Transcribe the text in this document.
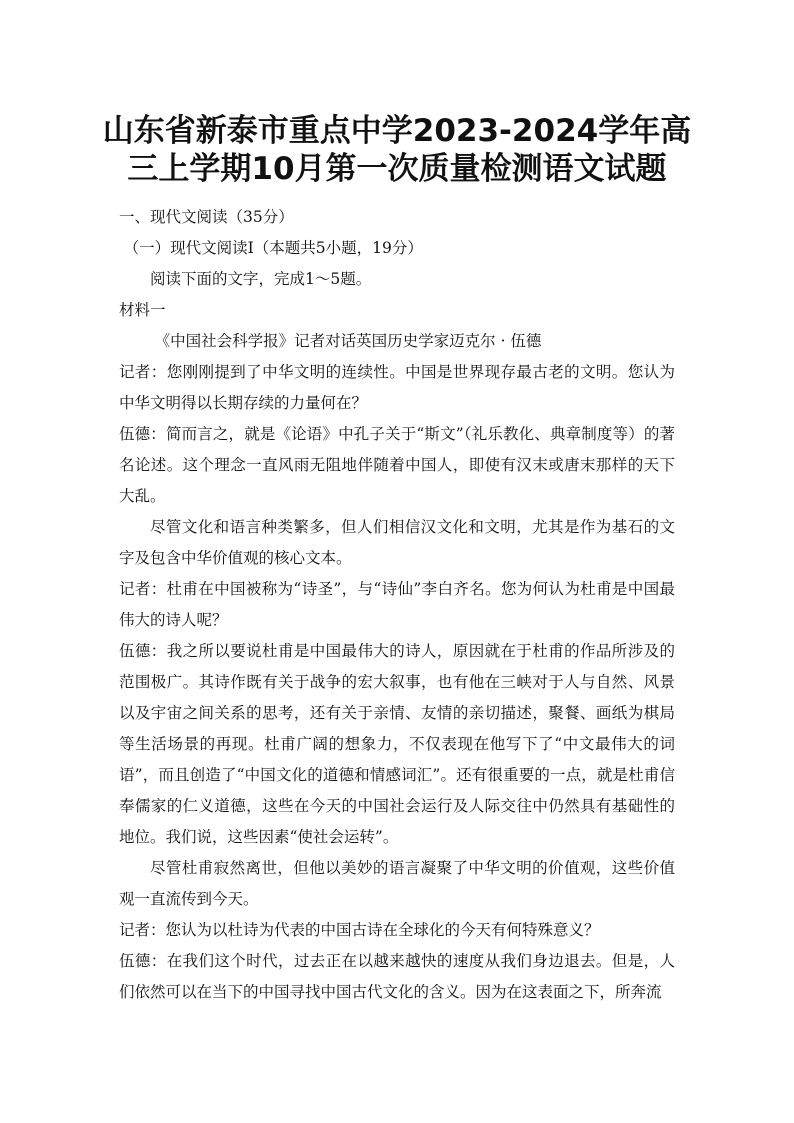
山东省新泰市重点中学2023-2024学年高
三上学期10月第一次质量检测语文试题

一、现代文阅读（35分）

（一）现代文阅读Ⅰ（本题共5小题，19分）

阅读下面的文字，完成1～5题。

材料一

《中国社会科学报》记者对话英国历史学家迈克尔 · 伍德

记者：您刚刚提到了中华文明的连续性。中国是世界现存最古老的文明。您认为中华文明得以长期存续的力量何在？

伍德：简而言之，就是《论语》中孔子关于“斯文”（礼乐教化、典章制度等）的著名论述。这个理念一直风雨无阻地伴随着中国人，即使有汉末或唐末那样的天下大乱。

尽管文化和语言种类繁多，但人们相信汉文化和文明，尤其是作为基石的文字及包含中华价值观的核心文本。

记者：杜甫在中国被称为“诗圣”，与“诗仙”李白齐名。您为何认为杜甫是中国最伟大的诗人呢？

伍德：我之所以要说杜甫是中国最伟大的诗人，原因就在于杜甫的作品所涉及的范围极广。其诗作既有关于战争的宏大叙事，也有他在三峡对于人与自然、风景以及宇宙之间关系的思考，还有关于亲情、友情的亲切描述，聚餐、画纸为棋局等生活场景的再现。杜甫广阔的想象力，不仅表现在他写下了“中文最伟大的词语”，而且创造了“中国文化的道德和情感词汇”。还有很重要的一点，就是杜甫信奉儒家的仁义道德，这些在今天的中国社会运行及人际交往中仍然具有基础性的地位。我们说，这些因素“使社会运转”。

尽管杜甫寂然离世，但他以美妙的语言凝聚了中华文明的价值观，这些价值观一直流传到今天。

记者：您认为以杜诗为代表的中国古诗在全球化的今天有何特殊意义？

伍德：在我们这个时代，过去正在以越来越快的速度从我们身边退去。但是，人们依然可以在当下的中国寻找中国古代文化的含义。因为在这表面之下，所奔流
